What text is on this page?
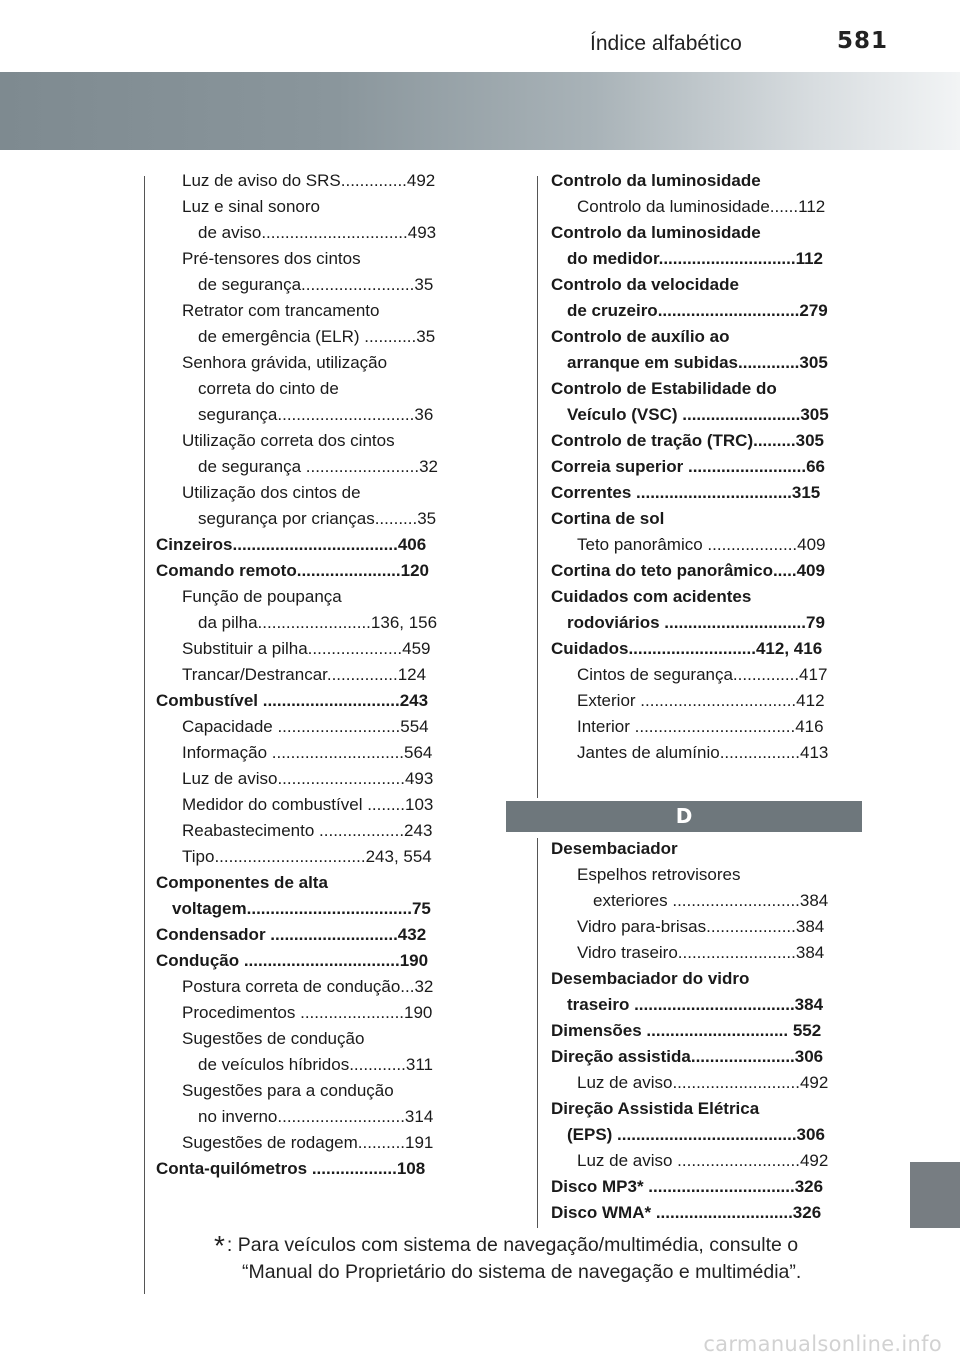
581
Índice alfabético
Luz de aviso do SRS..............492
Luz e sinal sonoro
de aviso...............................493
Pré-tensores dos cintos
de segurança........................35
Retrator com trancamento
de emergência (ELR) ...........35
Senhora grávida, utilização
correta do cinto de
segurança.............................36
Utilização correta dos cintos
de segurança ........................32
Utilização dos cintos de
segurança por crianças.........35
Cinzeiros...................................406
Comando remoto......................120
Função de poupança
da pilha........................136, 156
Substituir a pilha....................459
Trancar/Destrancar...............124
Combustível .............................243
Capacidade ..........................554
Informação ............................564
Luz de aviso...........................493
Medidor do combustível ........103
Reabastecimento ..................243
Tipo................................243, 554
Componentes de alta
voltagem...................................75
Condensador ...........................432
Condução .................................190
Postura correta de condução...32
Procedimentos ......................190
Sugestões de condução
de veículos híbridos............311
Sugestões para a condução
no inverno...........................314
Sugestões de rodagem..........191
Conta-quilómetros ..................108
Controlo da luminosidade
Controlo da luminosidade......112
Controlo da luminosidade
do medidor.............................112
Controlo da velocidade
de cruzeiro..............................279
Controlo de auxílio ao
arranque em subidas.............305
Controlo de Estabilidade do
Veículo (VSC) .........................305
Controlo de tração (TRC).........305
Correia superior .........................66
Correntes .................................315
Cortina de sol
Teto panorâmico ...................409
Cortina do teto panorâmico.....409
Cuidados com acidentes
rodoviários ..............................79
Cuidados...........................412, 416
Cintos de segurança..............417
Exterior .................................412
Interior ..................................416
Jantes de alumínio.................413
D
Desembaciador
Espelhos retrovisores
exteriores ...........................384
Vidro para-brisas...................384
Vidro traseiro.........................384
Desembaciador do vidro
traseiro ..................................384
Dimensões .............................. 552
Direção assistida......................306
Luz de aviso...........................492
Direção Assistida Elétrica
(EPS) ......................................306
Luz de aviso ..........................492
Disco MP3* ...............................326
Disco WMA* .............................326
* : Para veículos com sistema de navegação/multimédia, consulte o
“Manual do Proprietário do sistema de navegação e multimédia”.
carmanualsonline.info
